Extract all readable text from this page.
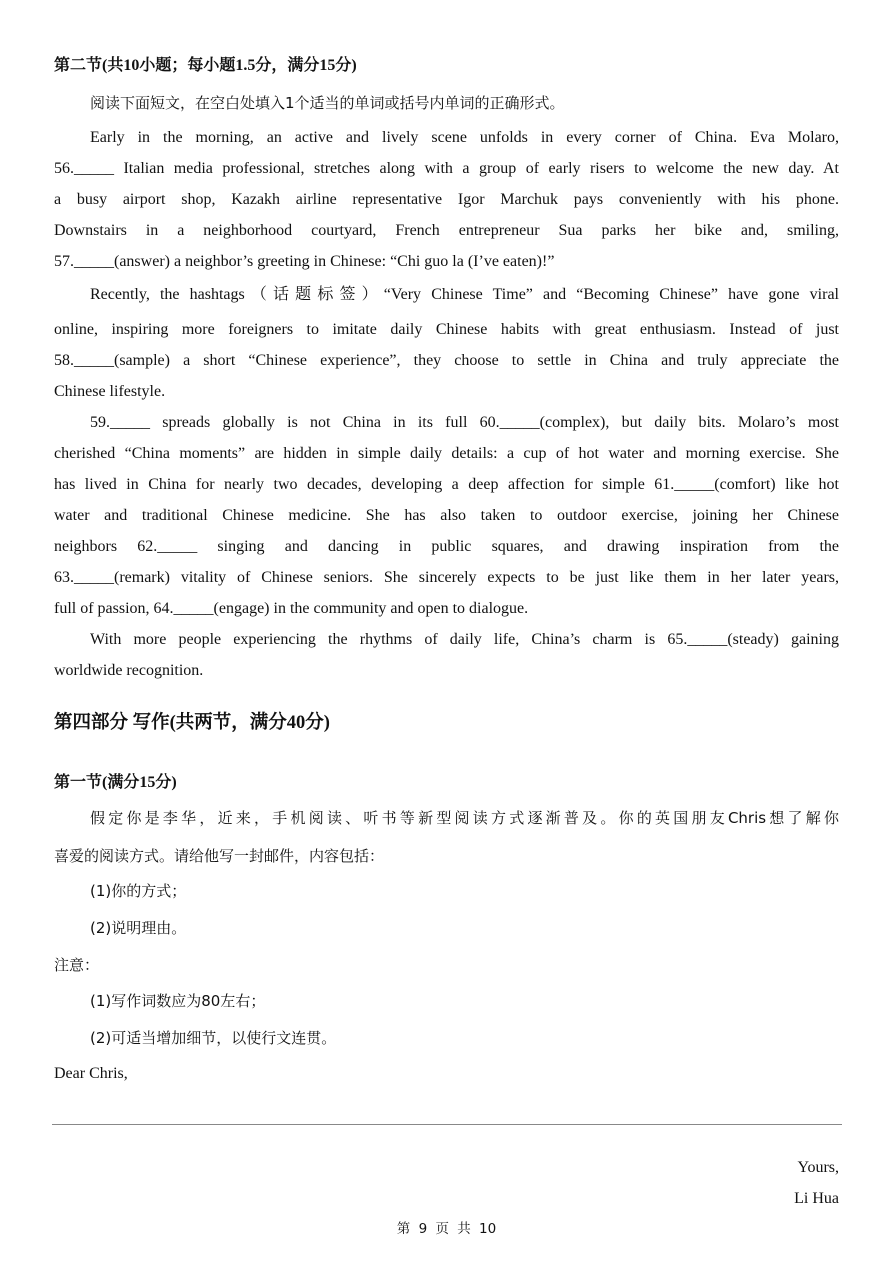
第二节(共10小题；每小题1.5分，满分15分)
阅读下面短文，在空白处填入1个适当的单词或括号内单词的正确形式。
Early in the morning, an active and lively scene unfolds in every corner of China. Eva Molaro,
56._____ Italian media professional, stretches along with a group of early risers to welcome the new day. At
a busy airport shop, Kazakh airline representative Igor Marchuk pays conveniently with his phone.
Downstairs in a neighborhood courtyard, French entrepreneur Sua parks her bike and, smiling,
57._____(answer) a neighbor’s greeting in Chinese: “Chi guo la (I’ve eaten)!”
Recently, the hashtags（话题标签）“Very Chinese Time” and “Becoming Chinese” have gone viral
online, inspiring more foreigners to imitate daily Chinese habits with great enthusiasm. Instead of just
58._____(sample) a short “Chinese experience”, they choose to settle in China and truly appreciate the
Chinese lifestyle.
59._____ spreads globally is not China in its full 60._____(complex), but daily bits. Molaro’s most
cherished “China moments” are hidden in simple daily details: a cup of hot water and morning exercise. She
has lived in China for nearly two decades, developing a deep affection for simple 61._____(comfort) like hot
water and traditional Chinese medicine. She has also taken to outdoor exercise, joining her Chinese
neighbors 62._____ singing and dancing in public squares, and drawing inspiration from the
63._____(remark) vitality of Chinese seniors. She sincerely expects to be just like them in her later years,
full of passion, 64._____(engage) in the community and open to dialogue.
With more people experiencing the rhythms of daily life, China’s charm is 65._____(steady) gaining
worldwide recognition.
第四部分 写作(共两节，满分40分)
第一节(满分15分)
假定你是李华，近来，手机阅读、听书等新型阅读方式逐渐普及。你的英国朋友Chris想了解你
喜爱的阅读方式。请给他写一封邮件，内容包括：
(1)你的方式；
(2)说明理由。
注意：
(1)写作词数应为80左右；
(2)可适当增加细节，以使行文连贯。
Dear Chris,
Yours,
Li Hua
第 9 页 共 10
